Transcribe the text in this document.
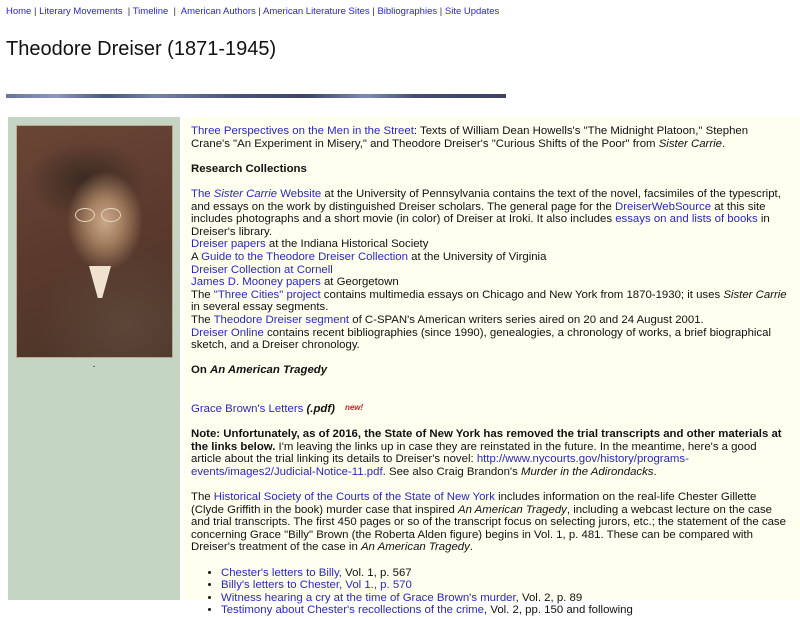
Home | Literary Movements  | Timeline  |  American Authors | American Literature Sites | Bibliographies | Site Updates
Theodore Dreiser (1871-1945)
.

Three Perspectives on the Men in the Street: Texts of William Dean Howells's "The Midnight Platoon," Stephen Crane's "An Experiment in Misery," and Theodore Dreiser's "Curious Shifts of the Poor" from Sister Carrie.

Research Collections
The Sister Carrie Website at the University of Pennsylvania contains the text of the novel, facsimiles of the typescript, and essays on the work by distinguished Dreiser scholars. The general page for the DreiserWebSource at this site includes photographs and a short movie (in color) of Dreiser at Iroki. It also includes essays on and lists of books in Dreiser's library.
Dreiser papers at the Indiana Historical Society
A Guide to the Theodore Dreiser Collection at the University of Virginia
Dreiser Collection at Cornell
James D. Mooney papers at Georgetown
The "Three Cities" project contains multimedia essays on Chicago and New York from 1870-1930; it uses Sister Carrie in several essay segments.
The Theodore Dreiser segment of C-SPAN's American writers series aired on 20 and 24 August 2001.
Dreiser Online contains recent bibliographies (since 1990), genealogies, a chronology of works, a brief biographical sketch, and a Dreiser chronology.
On An American Tragedy

Grace Brown's Letters (.pdf) new!

Note: Unfortunately, as of 2016, the State of New York has removed the trial transcripts and other materials at the links below. I'm leaving the links up in case they are reinstated in the future. In the meantime, here's a good article about the trial linking its details to Dreiser's novel: http://www.nycourts.gov/history/programs-events/images2/Judicial-Notice-11.pdf. See also Craig Brandon's Murder in the Adirondacks.

The Historical Society of the Courts of the State of New York includes information on the real-life Chester Gillette (Clyde Griffith in the book) murder case that inspired An American Tragedy, including a webcast lecture on the case and trial transcripts. The first 450 pages or so of the transcript focus on selecting jurors, etc.; the statement of the case concerning Grace "Billy" Brown (the Roberta Alden figure) begins in Vol. 1, p. 481. These can be compared with Dreiser's treatment of the case in An American Tragedy.

• Chester's letters to Billy, Vol. 1, p. 567
• Billy's letters to Chester, Vol 1., p. 570
• Witness hearing a cry at the time of Grace Brown's murder, Vol. 2, p. 89
• Testimony about Chester's recollections of the crime, Vol. 2, pp. 150 and following
